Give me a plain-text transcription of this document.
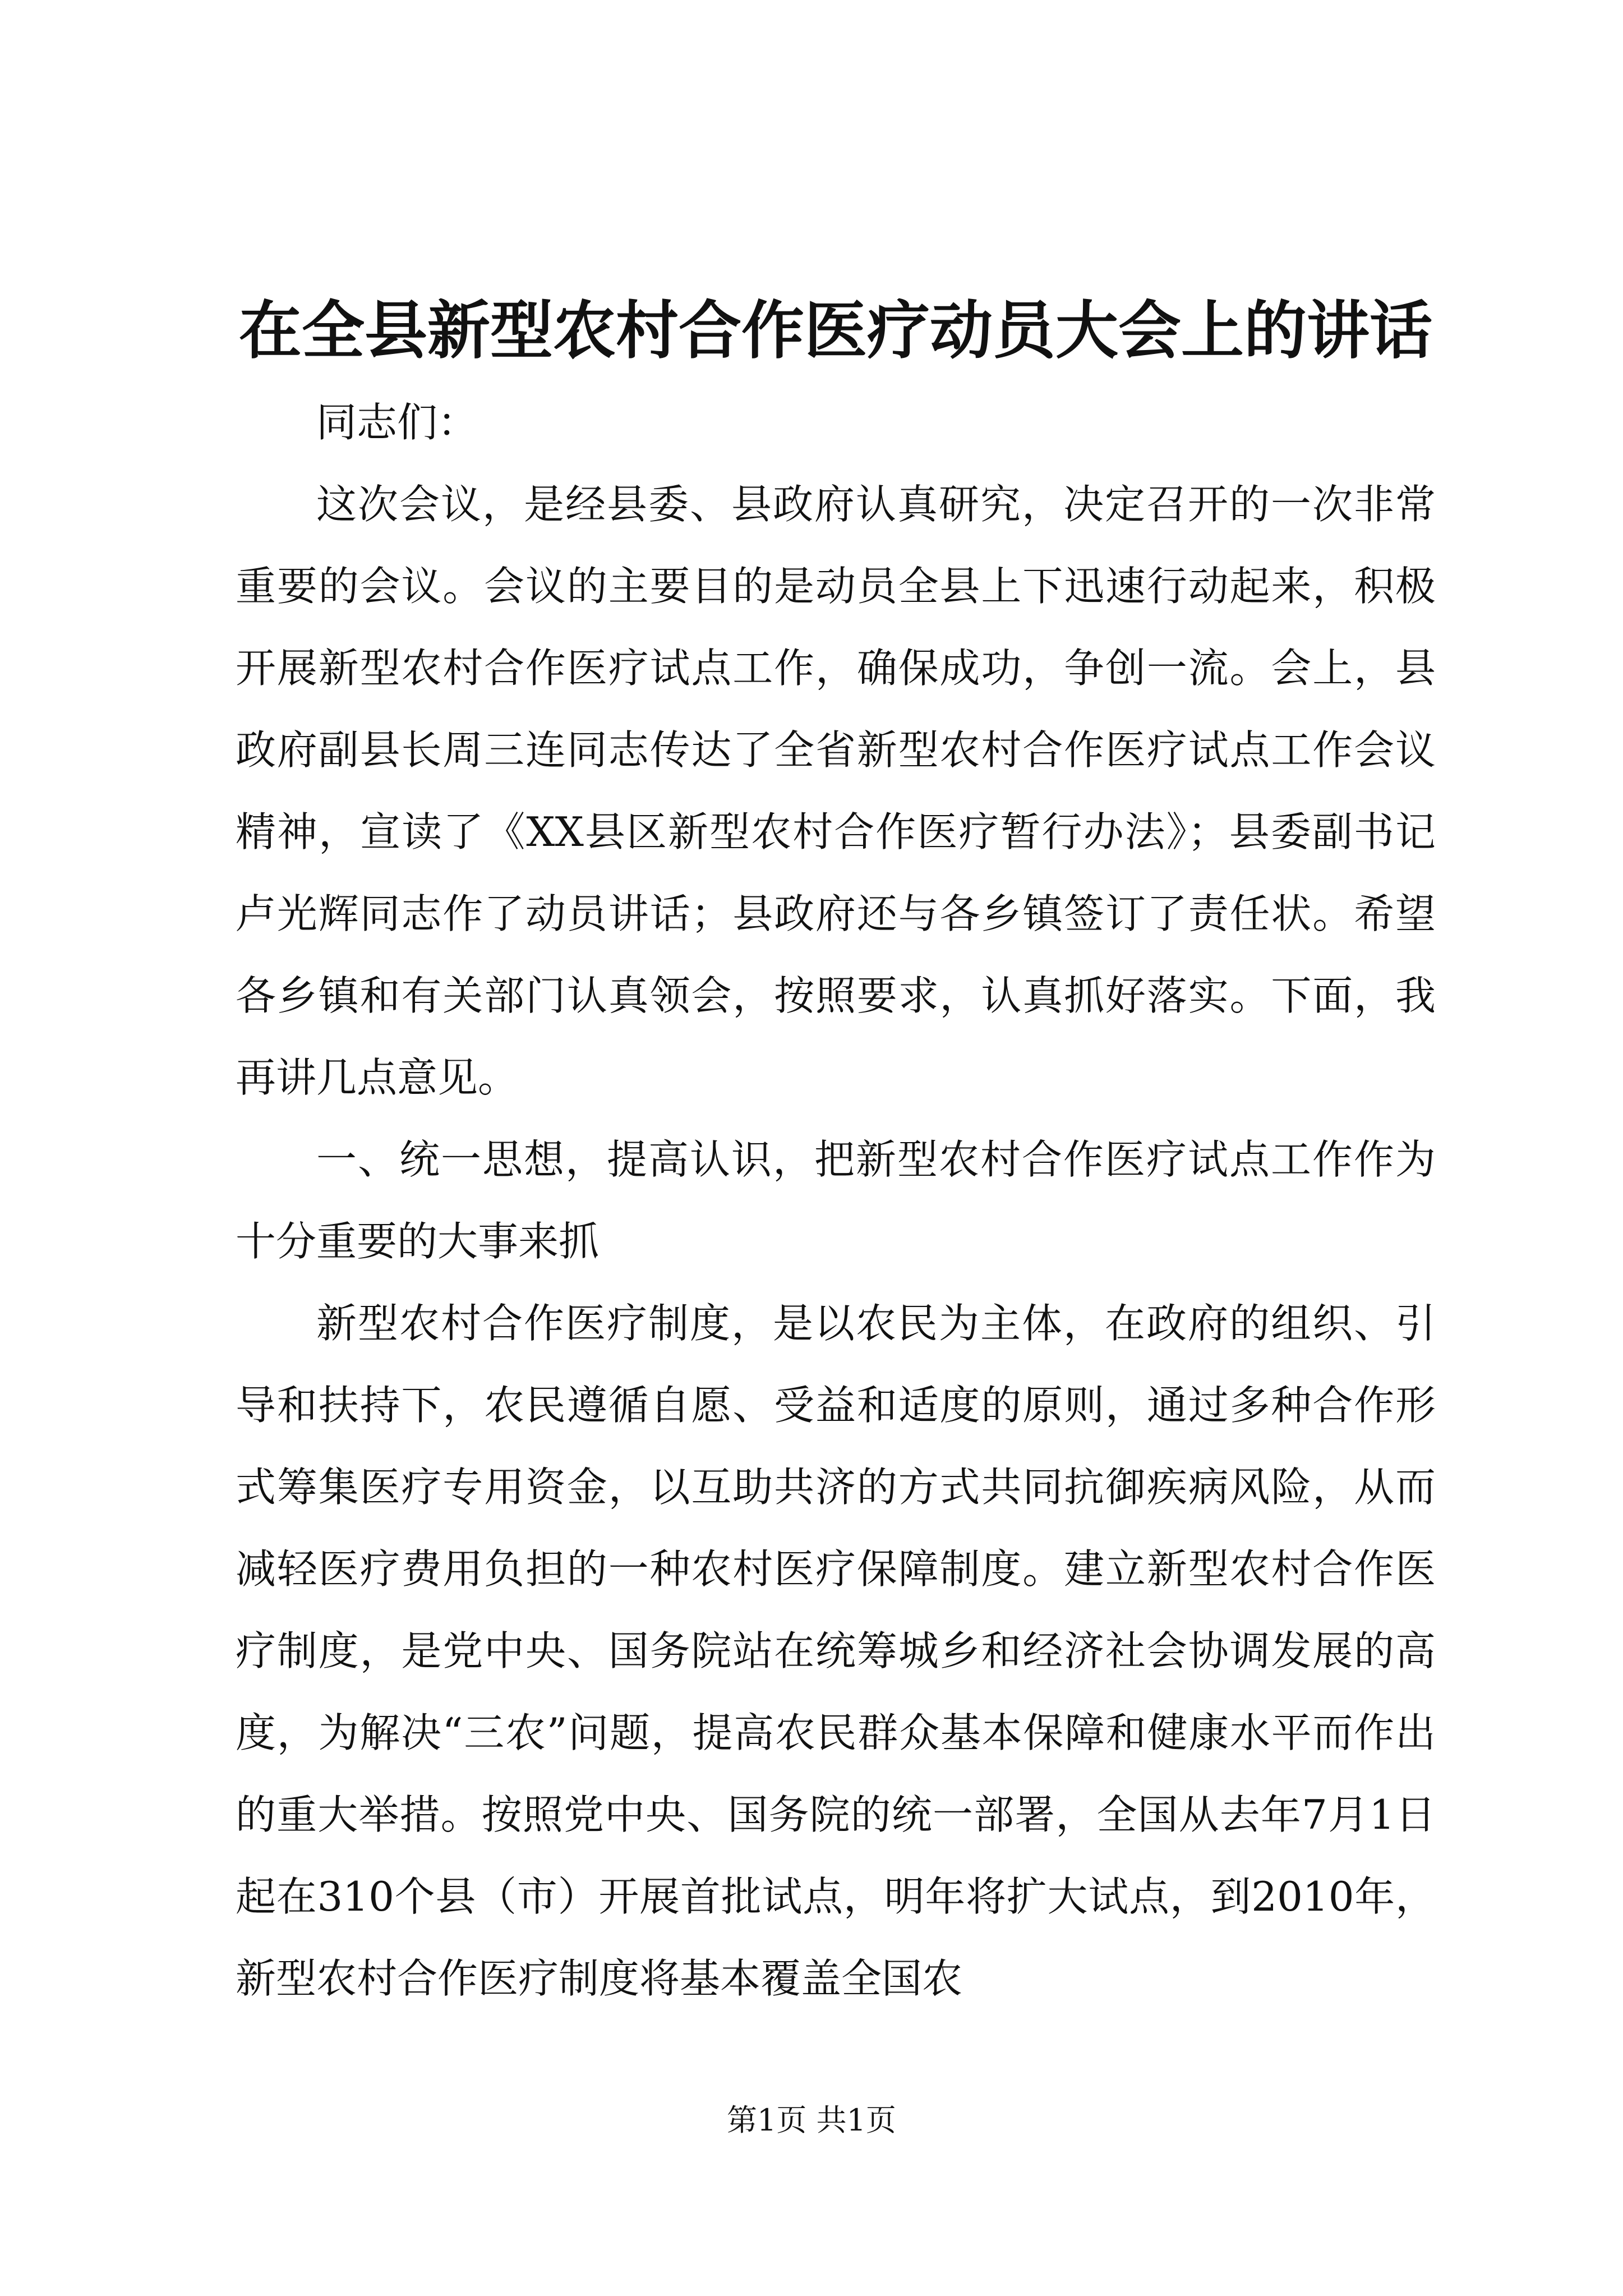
在全县新型农村合作医疗动员大会上的讲话

同志们：

这次会议，是经县委、县政府认真研究，决定召开的一次非常重要的会议。会议的主要目的是动员全县上下迅速行动起来，积极开展新型农村合作医疗试点工作，确保成功，争创一流。会上，县政府副县长周三连同志传达了全省新型农村合作医疗试点工作会议精神，宣读了《XX县区新型农村合作医疗暂行办法》；县委副书记卢光辉同志作了动员讲话；县政府还与各乡镇签订了责任状。希望各乡镇和有关部门认真领会，按照要求，认真抓好落实。下面，我再讲几点意见。

一、统一思想，提高认识，把新型农村合作医疗试点工作作为十分重要的大事来抓

新型农村合作医疗制度，是以农民为主体，在政府的组织、引导和扶持下，农民遵循自愿、受益和适度的原则，通过多种合作形式筹集医疗专用资金，以互助共济的方式共同抗御疾病风险，从而减轻医疗费用负担的一种农村医疗保障制度。建立新型农村合作医疗制度，是党中央、国务院站在统筹城乡和经济社会协调发展的高度，为解决“三农”问题，提高农民群众基本保障和健康水平而作出的重大举措。按照党中央、国务院的统一部署，全国从去年7月1日起在310个县（市）开展首批试点，明年将扩大试点，到2010年，新型农村合作医疗制度将基本覆盖全国农

第1页 共1页
